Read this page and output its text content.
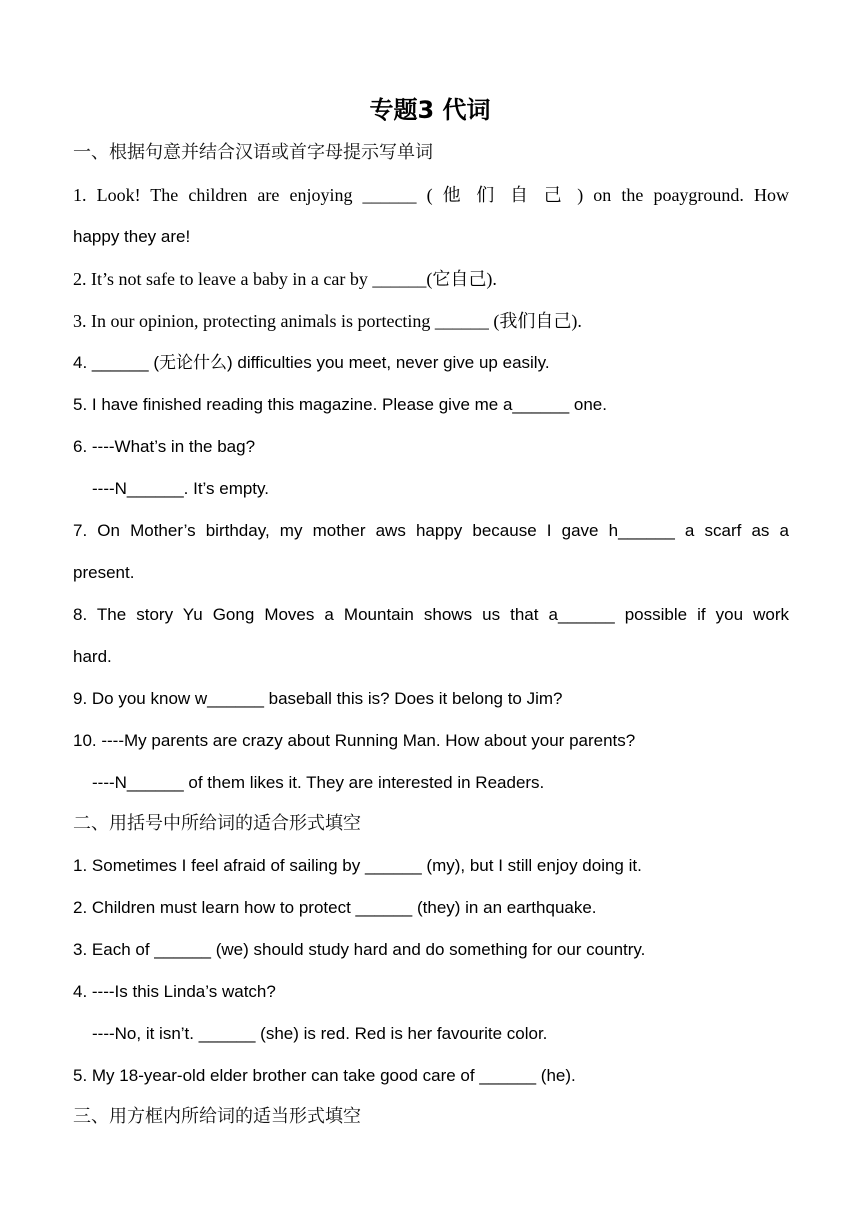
专题3 代词
一、根据句意并结合汉语或首字母提示写单词
1. Look! The children are enjoying ______ ( 他 们 自 己 ) on the poayground. How
happy they are!
2. It’s not safe to leave a baby in a car by ______(它自己).
3. In our opinion, protecting animals is portecting ______ (我们自己).
4. ______ (无论什么) difficulties you meet, never give up easily.
5. I have finished reading this magazine. Please give me a______ one.
6. ----What’s in the bag?
----N______. It’s empty.
7. On Mother’s birthday, my mother aws happy because I gave h______ a scarf as a
present.
8. The story Yu Gong Moves a Mountain shows us that a______ possible if you work
hard.
9. Do you know w______ baseball this is? Does it belong to Jim?
10. ----My parents are crazy about Running Man. How about your parents?
----N______ of them likes it. They are interested in Readers.
二、用括号中所给词的适合形式填空
1. Sometimes I feel afraid of sailing by ______ (my), but I still enjoy doing it.
2. Children must learn how to protect ______ (they) in an earthquake.
3. Each of ______ (we) should study hard and do something for our country.
4. ----Is this Linda’s watch?
----No, it isn’t. ______ (she) is red. Red is her favourite color.
5. My 18-year-old elder brother can take good care of ______ (he).
三、用方框内所给词的适当形式填空
